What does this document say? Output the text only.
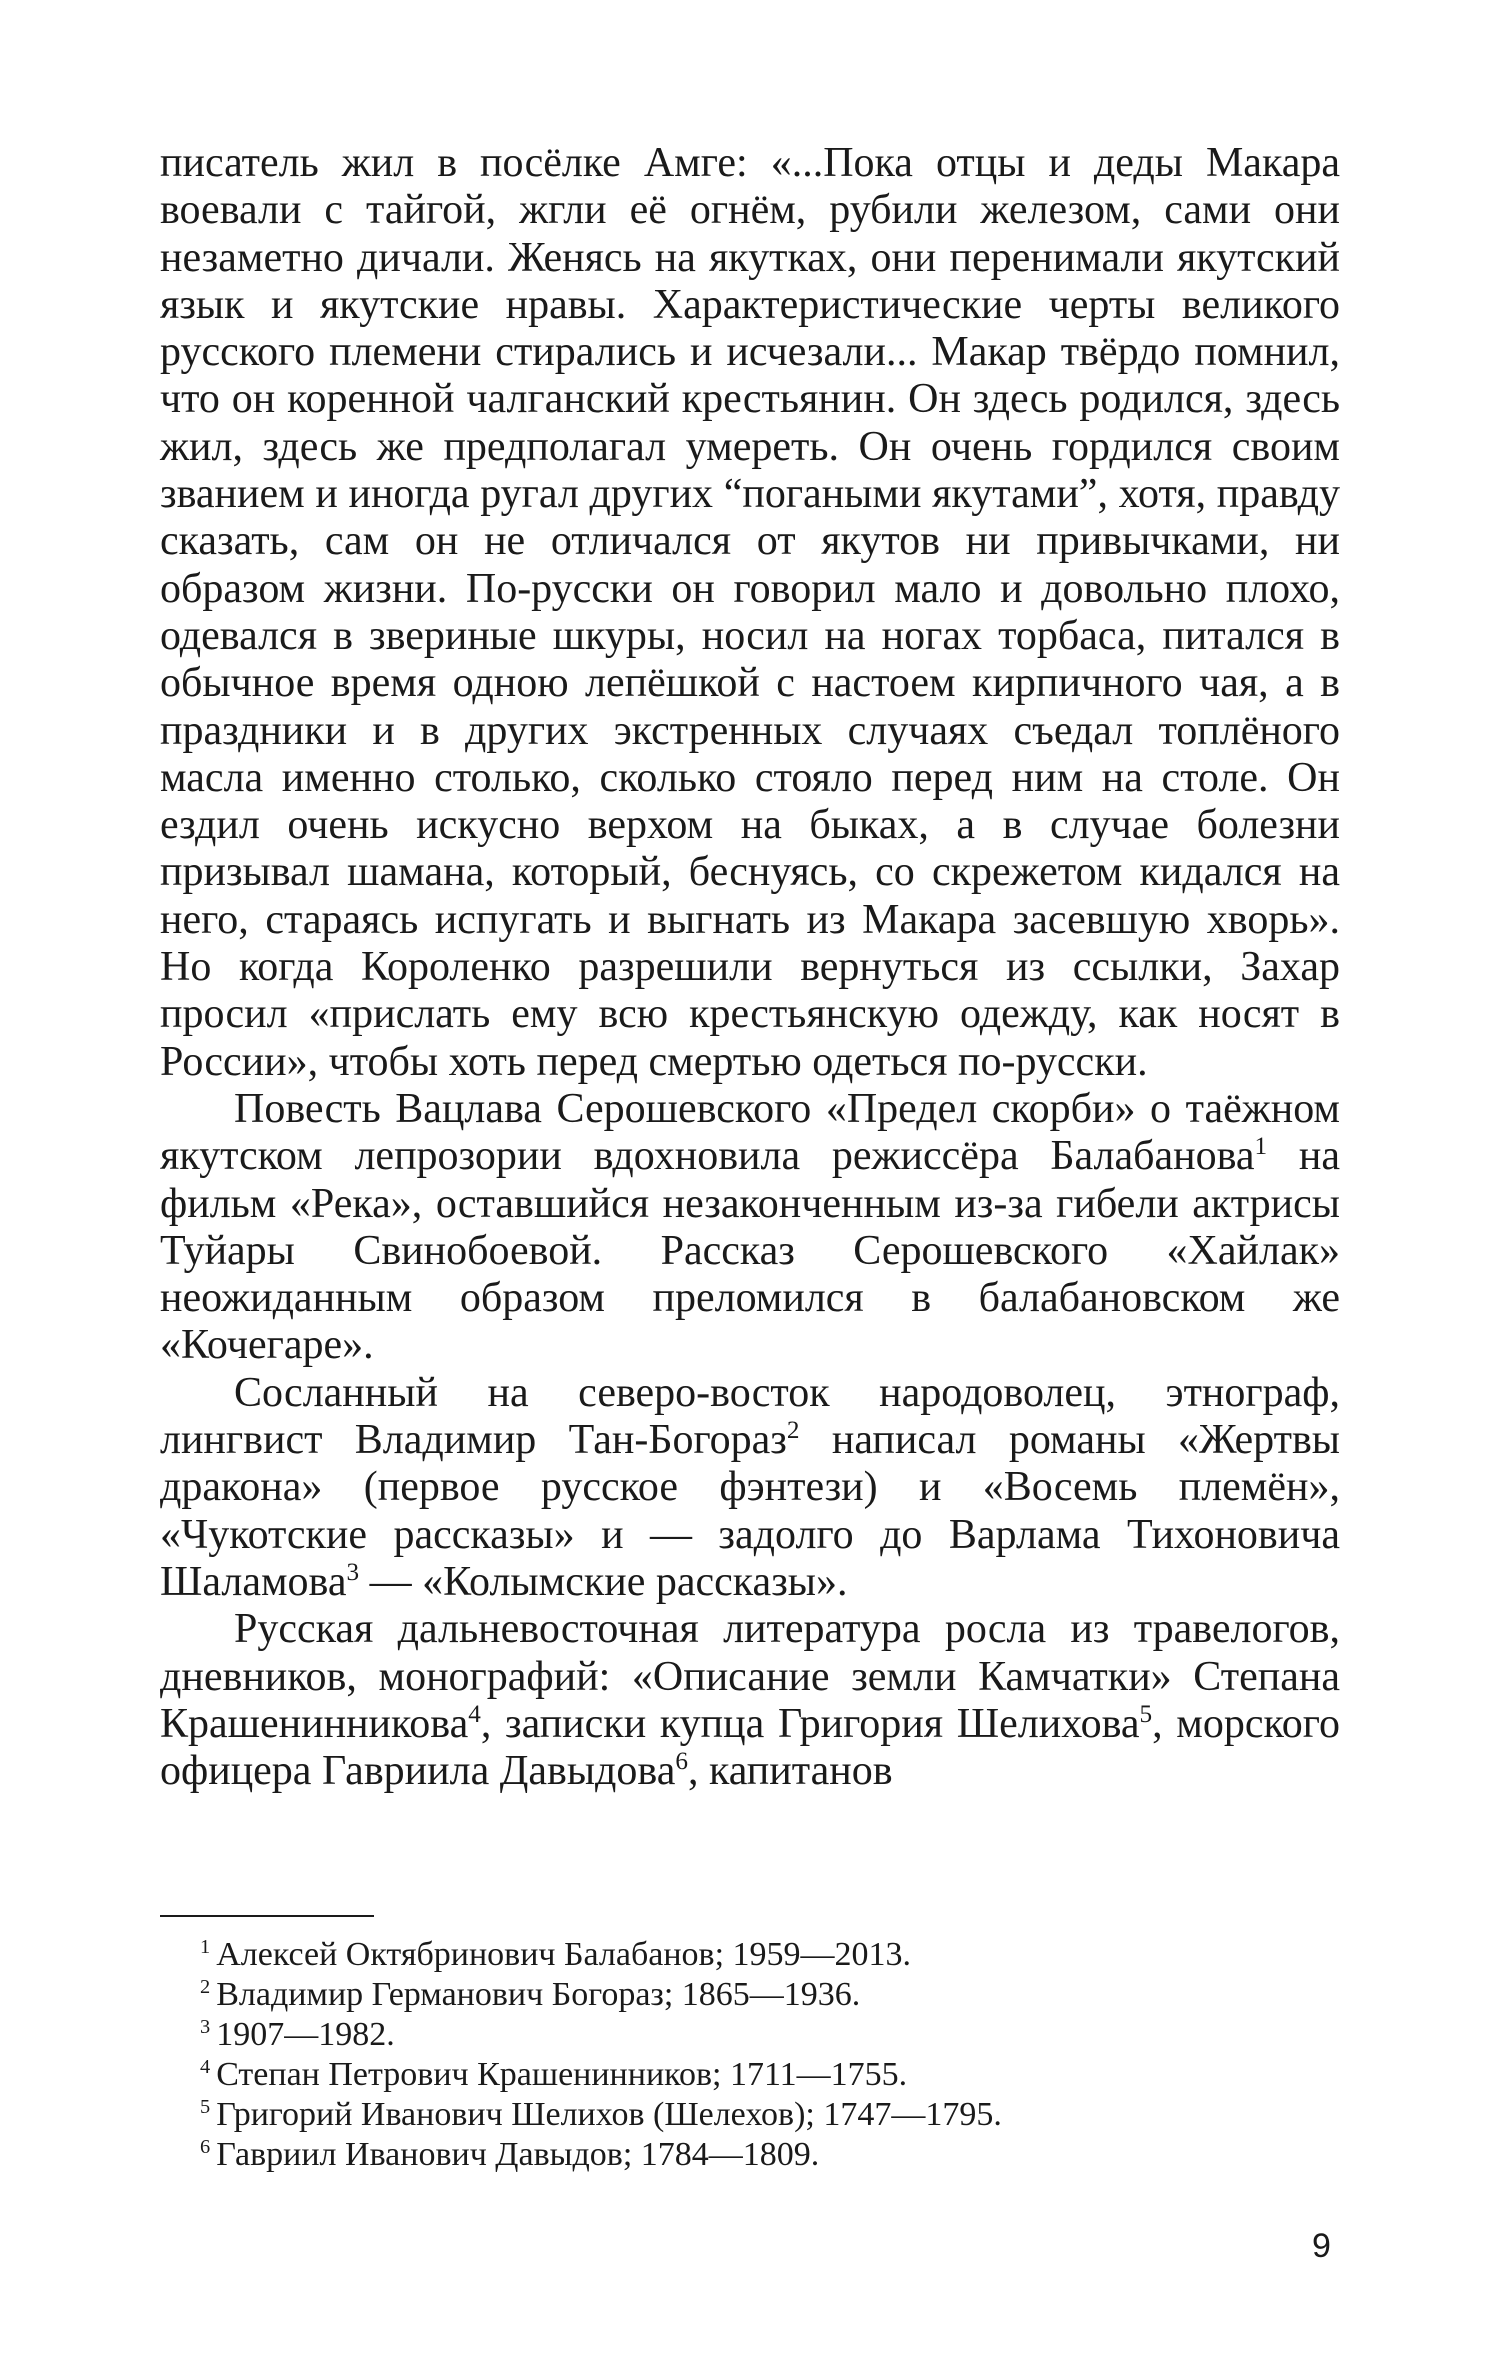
писатель жил в посёлке Амге: «...Пока отцы и деды Макара воевали с тайгой, жгли её огнём, рубили железом, сами они незаметно дичали. Женясь на якутках, они перенимали якутский язык и якутские нравы. Характеристические черты великого русского племени стирались и исчезали... Макар твёрдо помнил, что он коренной чалганский крестьянин. Он здесь родился, здесь жил, здесь же предполагал умереть. Он очень гордился своим званием и иногда ругал других “погаными якутами”, хотя, правду сказать, сам он не отличался от якутов ни привычками, ни образом жизни. По-русски он говорил мало и довольно плохо, одевался в звериные шкуры, носил на ногах торбаса, питался в обычное время одною лепёшкой с настоем кирпичного чая, а в праздники и в других экстренных случаях съедал топлёного масла именно столько, сколько стояло перед ним на столе. Он ездил очень искусно верхом на быках, а в случае болезни призывал шамана, который, беснуясь, со скрежетом кидался на него, стараясь испугать и выгнать из Макара засевшую хворь». Но когда Короленко разрешили вернуться из ссылки, Захар просил «прислать ему всю крестьянскую одежду, как носят в России», чтобы хоть перед смертью одеться по-русски.

Повесть Вацлава Серошевского «Предел скорби» о таёжном якутском лепрозории вдохновила режиссёра Балабанова$^1$ на фильм «Река», оставшийся незаконченным из-за гибели актрисы Туйары Свинобоевой. Рассказ Серошевского «Хайлак» неожиданным образом преломился в балабановском же «Кочегаре».

Сосланный на северо-восток народоволец, этнограф, лингвист Владимир Тан-Богораз$^2$ написал романы «Жертвы дракона» (первое русское фэнтези) и «Восемь племён», «Чукотские рассказы» и — задолго до Варлама Тихоновича Шаламова$^3$ — «Колымские рассказы».

Русская дальневосточная литература росла из травелогов, дневников, монографий: «Описание земли Камчатки» Степана Крашенинникова$^4$, записки купца Григория Шелихова$^5$, морского офицера Гавриила Давыдова$^6$, капитанов

$^1$ Алексей Октябринович Балабанов; 1959—2013.
$^2$ Владимир Германович Богораз; 1865—1936.
$^3$ 1907—1982.
$^4$ Степан Петрович Крашенинников; 1711—1755.
$^5$ Григорий Иванович Шелихов (Шелехов); 1747—1795.
$^6$ Гавриил Иванович Давыдов; 1784—1809.
9
